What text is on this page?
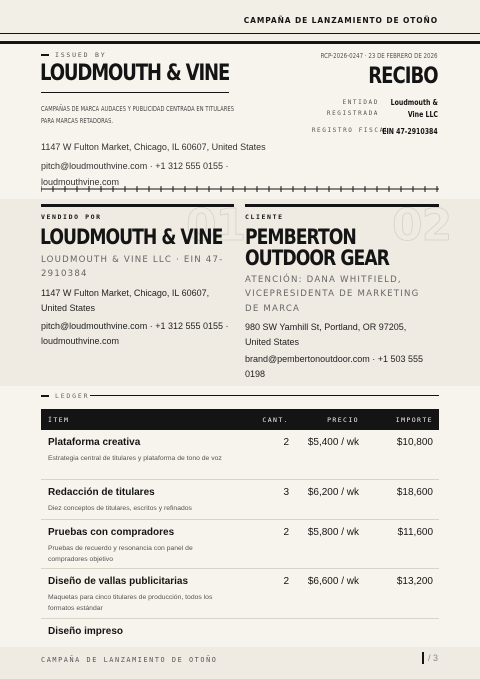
CAMPAÑA DE LANZAMIENTO DE OTOÑO
ISSUED BY
LOUDMOUTH & VINE
CAMPAÑAS DE MARCA AUDACES Y PUBLICIDAD CENTRADA EN TITULARES PARA MARCAS RETADORAS.
1147 W Fulton Market, Chicago, IL 60607, United States
pitch@loudmouthvine.com · +1 312 555 0155 · loudmouthvine.com
RCP-2026-0247 · 23 DE FEBRERO DE 2026
RECIBO
ENTIDAD REGISTRADA
Loudmouth & Vine LLC
REGISTRO FISCAL
EIN 47-2910384
01	02
VENDIDO POR
LOUDMOUTH & VINE
LOUDMOUTH & VINE LLC · EIN 47-2910384
1147 W Fulton Market, Chicago, IL 60607, United States
pitch@loudmouthvine.com · +1 312 555 0155 · loudmouthvine.com
CLIENTE
PEMBERTON OUTDOOR GEAR
ATENCIÓN: DANA WHITFIELD, VICEPRESIDENTA DE MARKETING DE MARCA
980 SW Yamhill St, Portland, OR 97205, United States
brand@pembertonoutdoor.com · +1 503 555 0198
LEDGER
ÍTEM	CANT.	PRECIO	IMPORTE
Plataforma creativa
Estrategia central de titulares y plataforma de tono de voz
2 $5,400 / wk	$10,800
Redacción de titulares
Diez conceptos de titulares, escritos y refinados
3 $6,200 / wk	$18,600
Pruebas con compradores
Pruebas de recuerdo y resonancia con panel de compradores objetivo
2 $5,800 / wk	$11,600
Diseño de vallas publicitarias
Maquetas para cinco titulares de producción, todos los formatos estándar
2 $6,600 / wk	$13,200
Diseño impreso
CAMPAÑA DE LANZAMIENTO DE OTOÑO	/ 3
